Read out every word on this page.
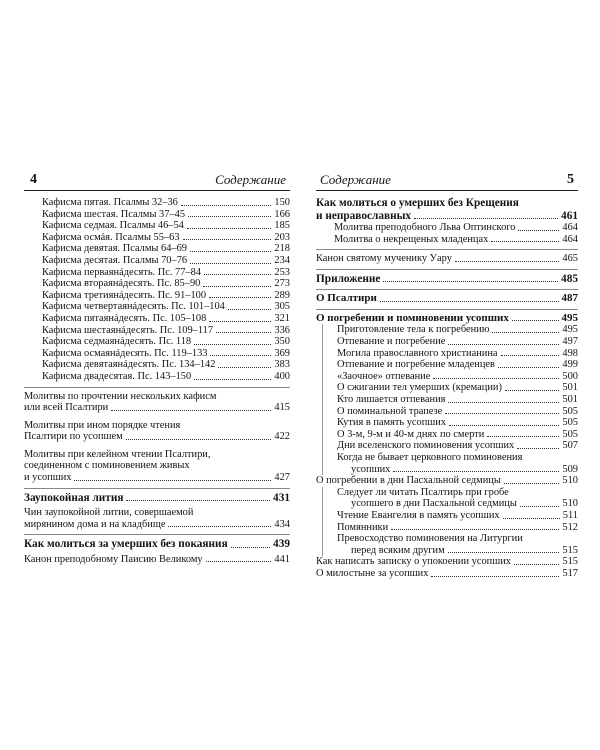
4	Содержание
Кафисма пятая. Псалмы 32–36	150
Кафисма шестая. Псалмы 37–45	166
Кафисма седмая. Псалмы 46–54	185
Кафисма осмáя. Псалмы 55–63	203
Кафисма девятая. Псалмы 64–69	218
Кафисма десятая. Псалмы 70–76	234
Кафисма перваянáдесять. Пс. 77–84	253
Кафисма втораянáдесять. Пс. 85–90	273
Кафисма третиянáдесять. Пс. 91–100	289
Кафисма четвертаянáдесять. Пс. 101–104	305
Кафисма пятаянáдесять. Пс. 105–108	321
Кафисма шестаянáдесять. Пс. 109–117	336
Кафисма седмаянáдесять. Пс. 118	350
Кафисма осмаянáдесять. Пс. 119–133	369
Кафисма девятаянáдесять. Пс. 134–142	383
Кафисма двадесятая. Пс. 143–150	400
Молитвы по прочтении нескольких кафисм
или всей Псалтири	415
Молитвы при ином порядке чтения
Псалтири по усопшем	422
Молитвы при келейном чтении Псалтири,
соединенном с поминовением живых
и усопших	427
Заупокойная лития	431
Чин заупокойной литии, совершаемой
мирянином дома и на кладбище	434
Как молиться за умерших без покаяния	439
Канон преподобному Паисию Великому	441
Содержание	5
Как молиться о умерших без Крещения
и неправославных	461
Молитва преподобного Льва Оптинского	464
Молитва о некрещеных младенцах	464
Канон святому мученику Уару	465
Приложение	485
О Псалтири	487
О погребении и поминовении усопших	495
Приготовление тела к погребению	495
Отпевание и погребение	497
Могила православного христианина	498
Отпевание и погребение младенцев	499
«Заочное» отпевание	500
О сжигании тел умерших (кремации)	501
Кто лишается отпевания	501
О поминальной трапезе	505
Кутия в память усопших	505
О 3-м, 9-м и 40-м днях по смерти	505
Дни вселенского поминовения усопших	507
Когда не бывает церковного поминовения
усопших	509
О погребении в дни Пасхальной седмицы	510
Следует ли читать Псалтирь при гробе
усопшего в дни Пасхальной седмицы	510
Чтение Евангелия в память усопших	511
Помянники	512
Превосходство поминовения на Литургии
перед всяким другим	515
Как написать записку о упокоении усопших	515
О милостыне за усопших	517
